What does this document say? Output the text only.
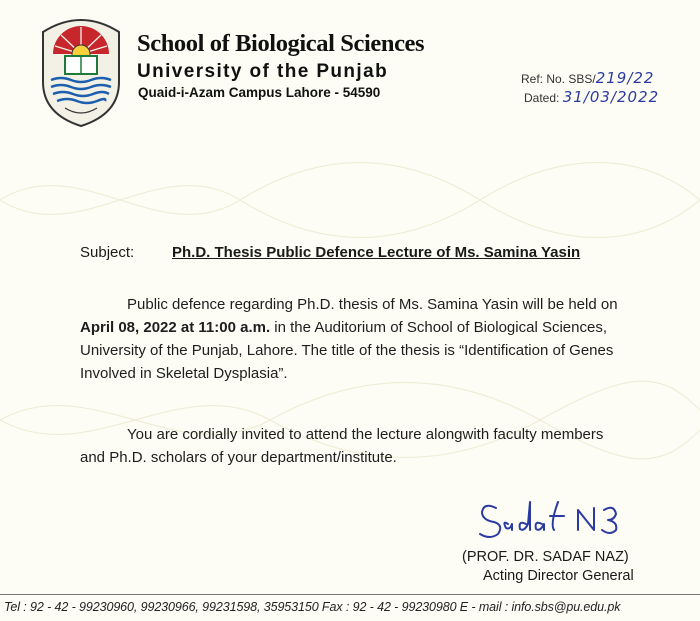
School of Biological Sciences
University of the Punjab
Quaid-i-Azam Campus Lahore - 54590
Ref: No. SBS/219/22
Dated: 31/03/2022
Subject:	Ph.D. Thesis Public Defence Lecture of Ms. Samina Yasin
Public defence regarding Ph.D. thesis of Ms. Samina Yasin will be held on
April 08, 2022 at 11:00 a.m. in the Auditorium of School of Biological Sciences,
University of the Punjab, Lahore. The title of the thesis is “Identification of Genes
Involved in Skeletal Dysplasia”.
You are cordially invited to attend the lecture alongwith faculty members
and Ph.D. scholars of your department/institute.
(PROF. DR. SADAF NAZ)
Acting Director General
Tel : 92 - 42 - 99230960, 99230966, 99231598, 35953150 Fax : 92 - 42 - 99230980 E - mail : info.sbs@pu.edu.pk
